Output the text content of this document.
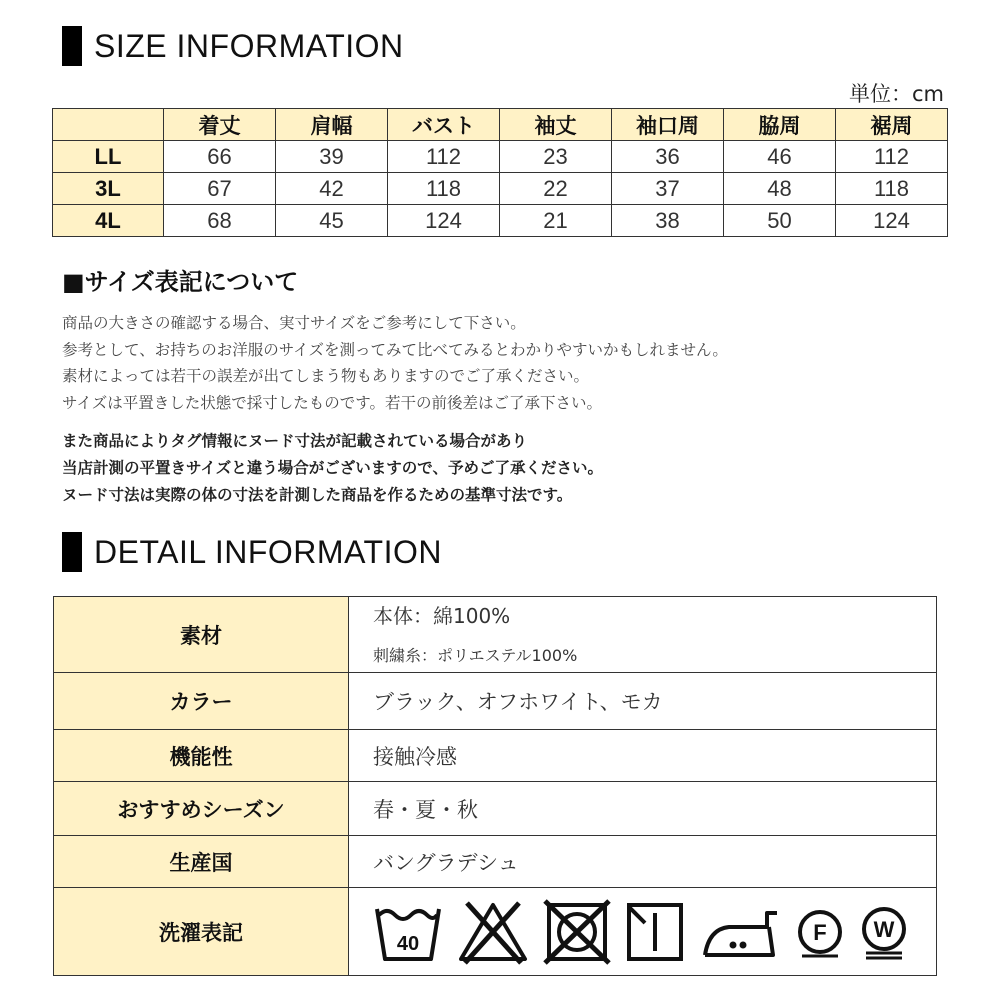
SIZE INFORMATION
単位：cm
	着丈	肩幅	バスト	袖丈	袖口周	脇周	裾周
LL	66	39	112	23	36	46	112
3L	67	42	118	22	37	48	118
4L	68	45	124	21	38	50	124
■サイズ表記について

商品の大きさの確認する場合、実寸サイズをご参考にして下さい。

参考として、お持ちのお洋服のサイズを測ってみて比べてみるとわかりやすいかもしれません。

素材によっては若干の誤差が出てしまう物もありますのでご了承ください。

サイズは平置きした状態で採寸したものです。若干の前後差はご了承下さい。

また商品によりタグ情報にヌード寸法が記載されている場合があり

当店計測の平置きサイズと違う場合がございますので、予めご了承ください。

ヌード寸法は実際の体の寸法を計測した商品を作るための基準寸法です。

DETAIL INFORMATION
素材	本体：綿100%
刺繍糸：ポリエステル100%

カラー	ブラック、オフホワイト、モカ
機能性	接触冷感
おすすめシーズン	春・夏・秋
生産国	バングラデシュ
洗濯表記	40 F W
